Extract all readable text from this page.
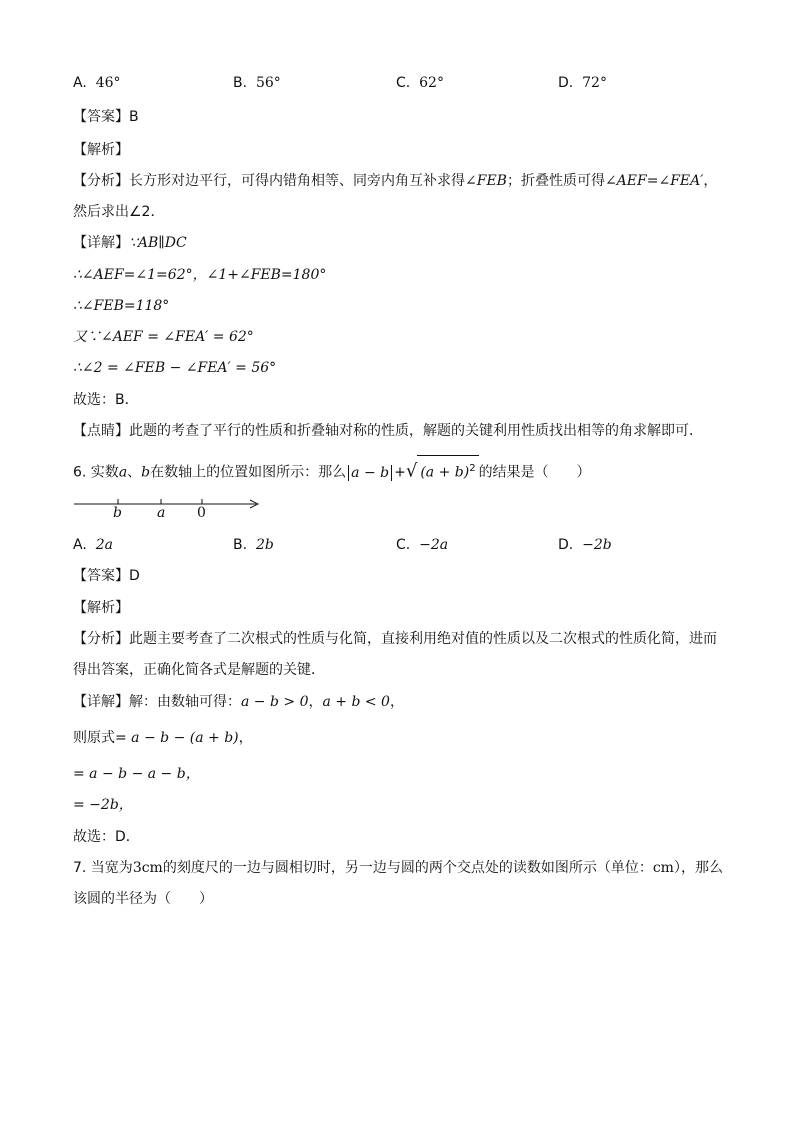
A. 46°	B. 56°	C. 62°	D. 72°
【答案】B
【解析】
【分析】长方形对边平行，可得内错角相等、同旁内角互补求得∠FEB；折叠性质可得∠AEF=∠FEA′，
然后求出∠2．
【详解】∵AB∥DC
∴∠AEF=∠1=62°，∠1+∠FEB=180°
∴∠FEB=118°
又∵∠AEF = ∠FEA′ = 62°
∴∠2 = ∠FEB − ∠FEA′ = 56°
故选：B．
【点睛】此题的考查了平行的性质和折叠轴对称的性质，解题的关键利用性质找出相等的角求解即可．
6. 实数a、b在数轴上的位置如图所示：那么 a − b +√ $(a + b)^2$ 的结果是（　　）
b	a 0
A. 2a	B. 2b	C. −2a	D. −2b
【答案】D
【解析】
【分析】此题主要考查了二次根式的性质与化简，直接利用绝对值的性质以及二次根式的性质化简，进而
得出答案，正确化简各式是解题的关键．
【详解】解：由数轴可得：a − b > 0，a + b < 0，
则原式= a − b − (a + b)，
= a − b − a − b，
= −2b，
故选：D．
7. 当宽为3cm的刻度尺的一边与圆相切时，另一边与圆的两个交点处的读数如图所示（单位：cm），那么
该圆的半径为（　　）
